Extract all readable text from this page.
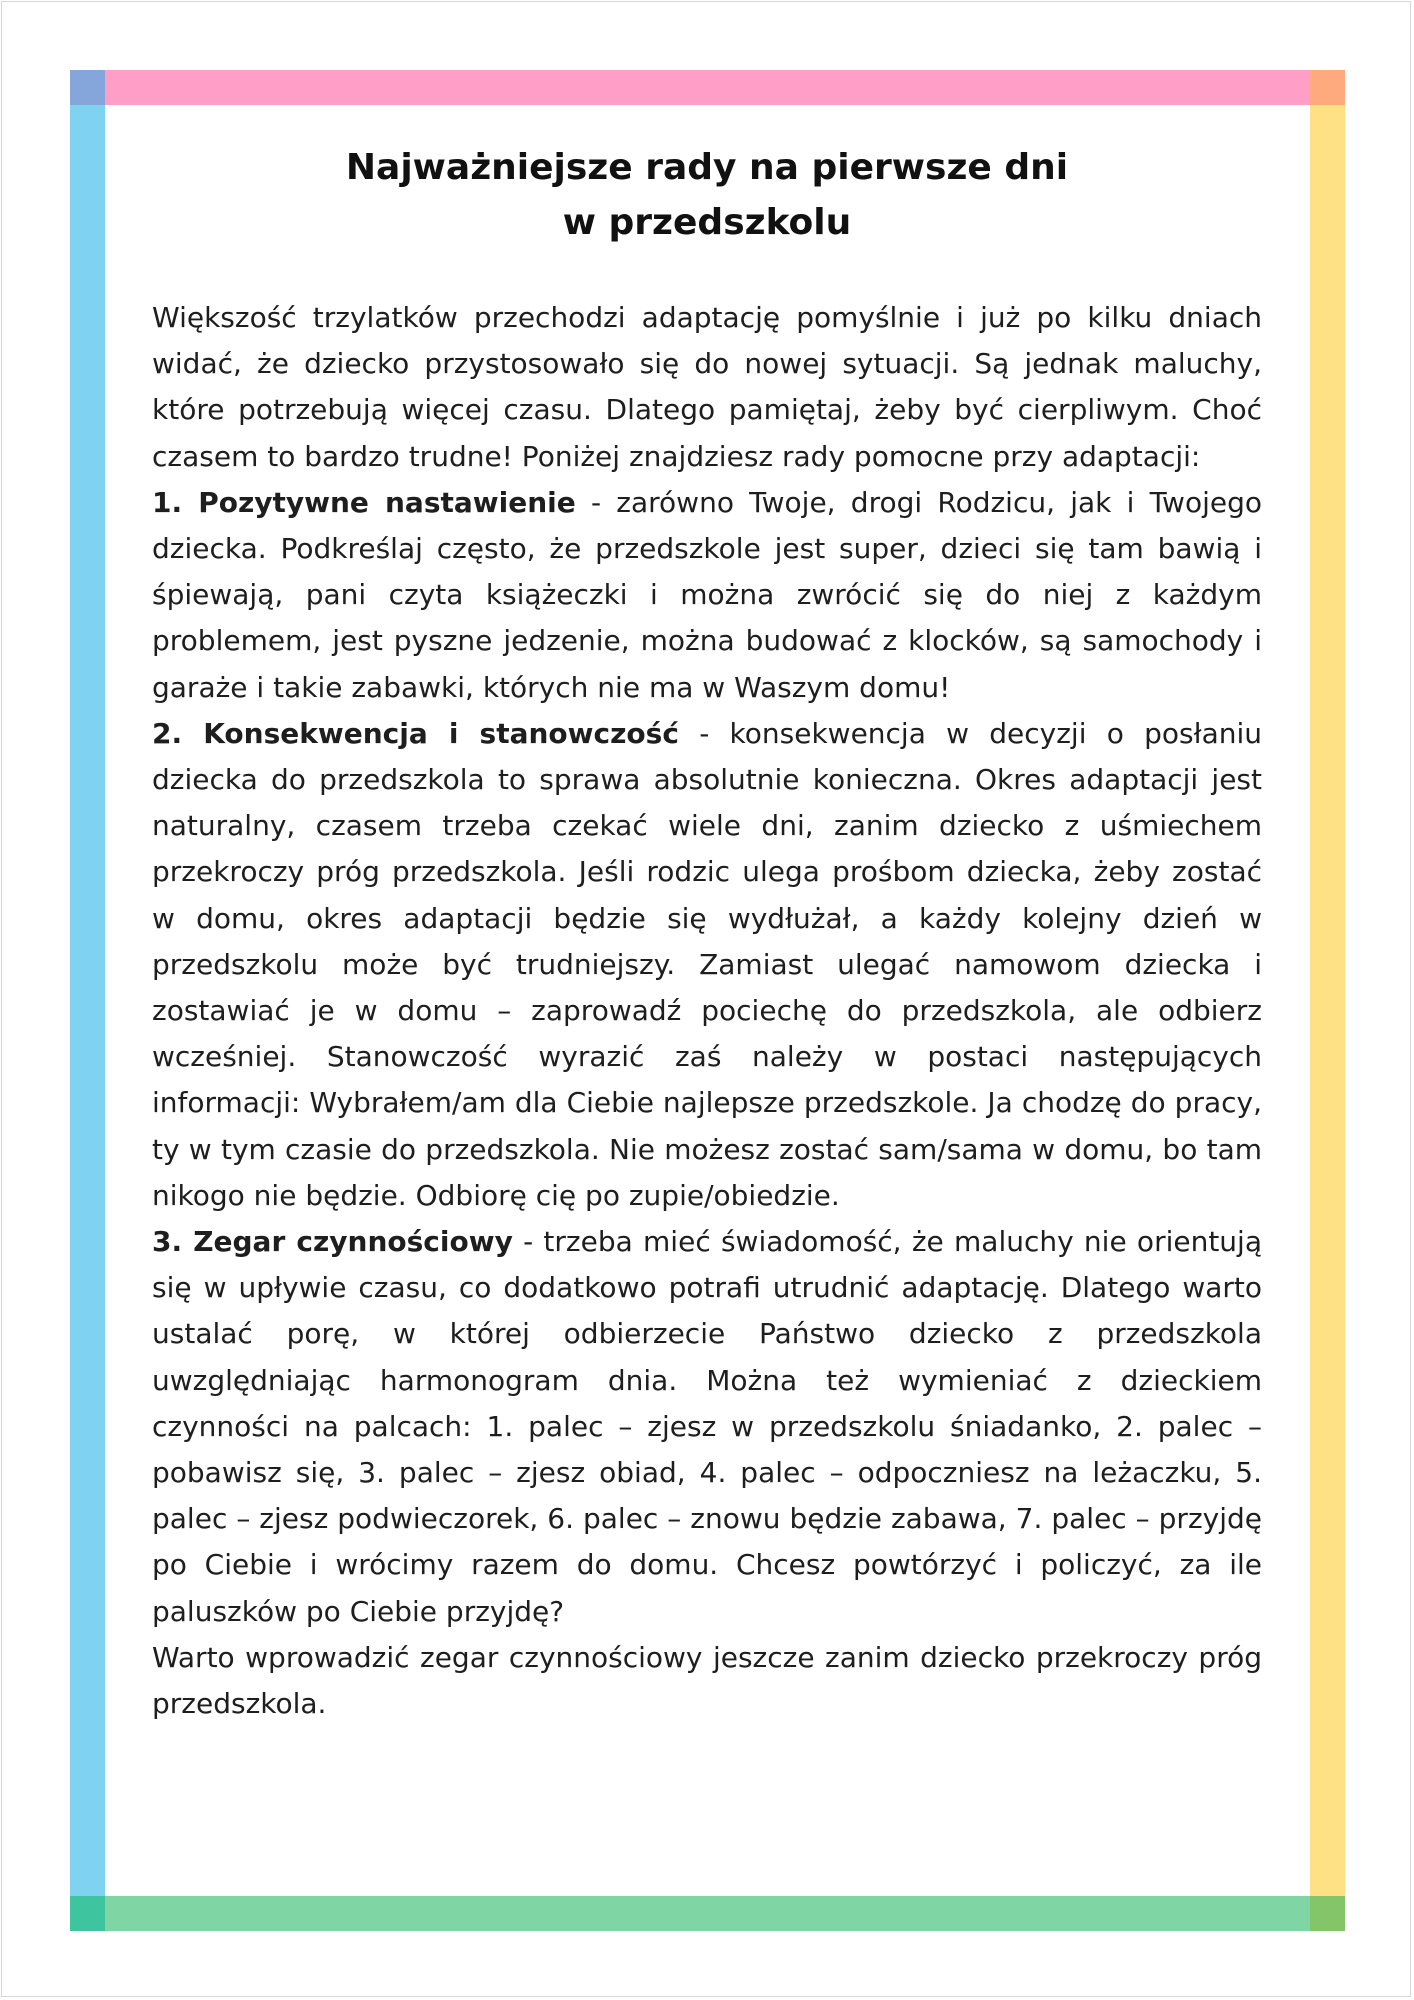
Najważniejsze rady na pierwsze dni
w przedszkolu

Większość trzylatków przechodzi adaptację pomyślnie i już po kilku dniach widać, że dziecko przystosowało się do nowej sytuacji. Są jednak maluchy, które potrzebują więcej czasu. Dlatego pamiętaj, żeby być cierpliwym. Choć czasem to bardzo trudne! Poniżej znajdziesz rady pomocne przy adaptacji:

1. Pozytywne nastawienie - zarówno Twoje, drogi Rodzicu, jak i Twojego dziecka. Podkreślaj często, że przedszkole jest super, dzieci się tam bawią i śpiewają, pani czyta książeczki i można zwrócić się do niej z każdym problemem, jest pyszne jedzenie, można budować z klocków, są samochody i garaże i takie zabawki, których nie ma w Waszym domu!

2. Konsekwencja i stanowczość - konsekwencja w decyzji o posłaniu dziecka do przedszkola to sprawa absolutnie konieczna. Okres adaptacji jest naturalny, czasem trzeba czekać wiele dni, zanim dziecko z uśmiechem przekroczy próg przedszkola. Jeśli rodzic ulega prośbom dziecka, żeby zostać w domu, okres adaptacji będzie się wydłużał, a każdy kolejny dzień w przedszkolu może być trudniejszy. Zamiast ulegać namowom dziecka i zostawiać je w domu – zaprowadź pociechę do przedszkola, ale odbierz wcześniej. Stanowczość wyrazić zaś należy w postaci następujących informacji: Wybrałem/am dla Ciebie najlepsze przedszkole. Ja chodzę do pracy, ty w tym czasie do przedszkola. Nie możesz zostać sam/sama w domu, bo tam nikogo nie będzie. Odbiorę cię po zupie/obiedzie.

3. Zegar czynnościowy - trzeba mieć świadomość, że maluchy nie orientują się w upływie czasu, co dodatkowo potrafi utrudnić adaptację. Dlatego warto ustalać porę, w której odbierzecie Państwo dziecko z przedszkola uwzględniając harmonogram dnia. Można też wymieniać z dzieckiem czynności na palcach: 1. palec – zjesz w przedszkolu śniadanko, 2. palec – pobawisz się, 3. palec – zjesz obiad, 4. palec – odpoczniesz na leżaczku, 5. palec – zjesz podwieczorek, 6. palec – znowu będzie zabawa, 7. palec – przyjdę po Ciebie i wrócimy razem do domu. Chcesz powtórzyć i policzyć, za ile paluszków po Ciebie przyjdę?

Warto wprowadzić zegar czynnościowy jeszcze zanim dziecko przekroczy próg przedszkola.
